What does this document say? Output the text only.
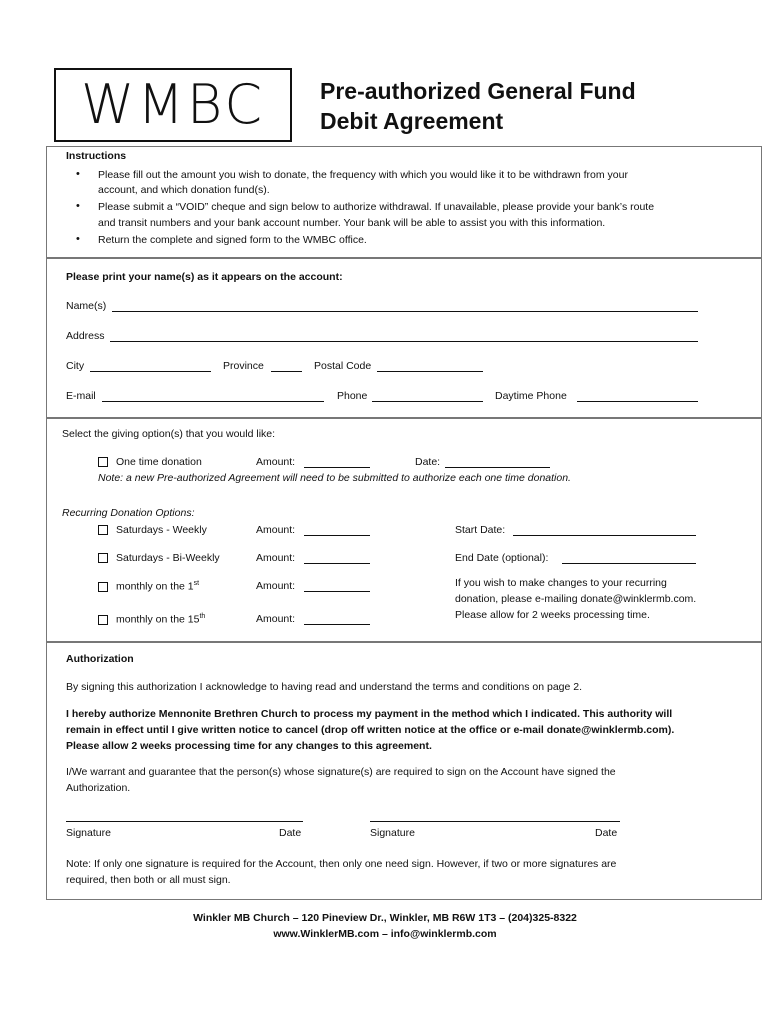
WMBC Pre-authorized General Fund
Debit Agreement
Instructions
• Please fill out the amount you wish to donate, the frequency with which you would like it to be withdrawn from your
account, and which donation fund(s).
• Please submit a “VOID” cheque and sign below to authorize withdrawal. If unavailable, please provide your bank’s route
and transit numbers and your bank account number. Your bank will be able to assist you with this information.
• Return the complete and signed form to the WMBC office.
Please print your name(s) as it appears on the account:
Name(s)
Address
City	Province	Postal Code
E-mail	Phone	Daytime Phone
Select the giving option(s) that you would like:
One time donation	Amount:	Date:
Note: a new Pre-authorized Agreement will need to be submitted to authorize each one time donation.
Recurring Donation Options:
Saturdays - Weekly	Amount:	Start Date:
Saturdays - Bi-Weekly	Amount:	End Date (optional):
monthly on the 1st	Amount:	If you wish to make changes to your recurring
donation, please e-mailing donate@winklermb.com.
Please allow for 2 weeks processing time.
monthly on the 15th	Amount:
Authorization
By signing this authorization I acknowledge to having read and understand the terms and conditions on page 2.
I hereby authorize Mennonite Brethren Church to process my payment in the method which I indicated. This authority will
remain in effect until I give written notice to cancel (drop off written notice at the office or e-mail donate@winklermb.com).
Please allow 2 weeks processing time for any changes to this agreement.
I/We warrant and guarantee that the person(s) whose signature(s) are required to sign on the Account have signed the
Authorization.
Signature	Date	Signature	Date
Note: If only one signature is required for the Account, then only one need sign. However, if two or more signatures are
required, then both or all must sign.
Winkler MB Church – 120 Pineview Dr., Winkler, MB R6W 1T3 – (204)325-8322
www.WinklerMB.com – info@winklermb.com
